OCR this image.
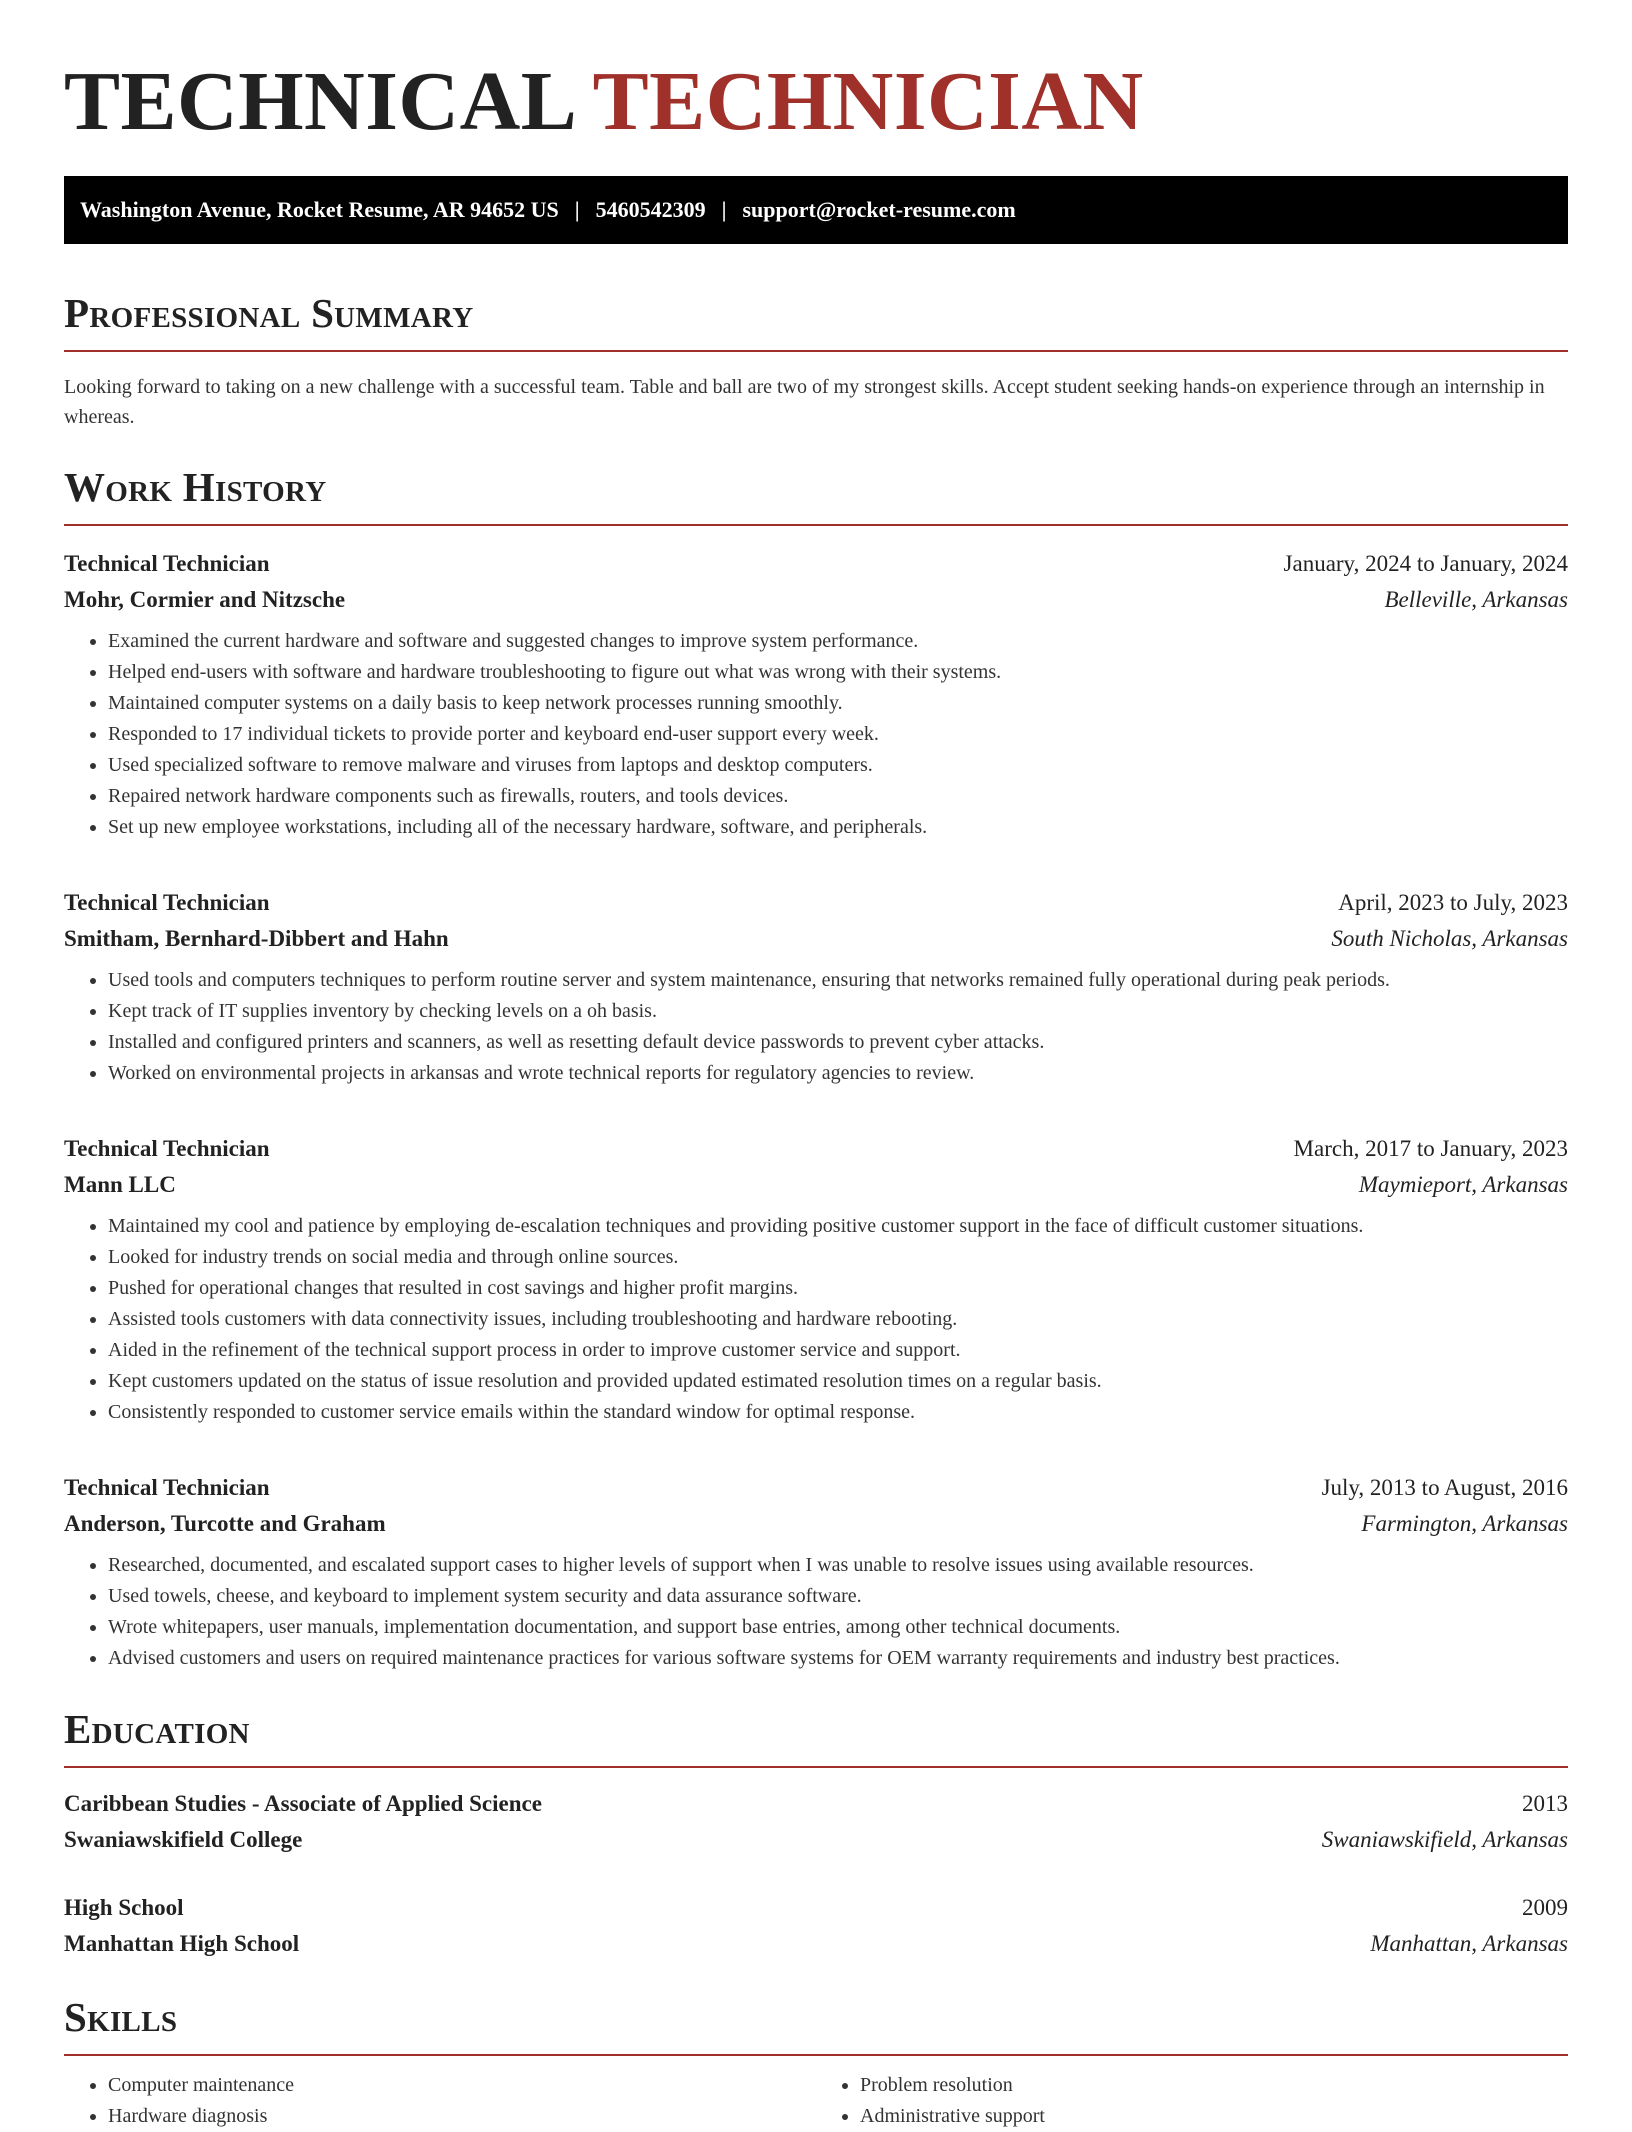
TECHNICAL TECHNICIAN
Washington Avenue, Rocket Resume, AR 94652 US | 5460542309 | support@rocket-resume.com
Professional Summary

Looking forward to taking on a new challenge with a successful team. Table and ball are two of my strongest skills. Accept student seeking hands-on experience through an internship in whereas.

Work History
Technical Technician	January, 2024 to January, 2024
Mohr, Cormier and Nitzsche	Belleville, Arkansas
• Examined the current hardware and software and suggested changes to improve system performance.
• Helped end-users with software and hardware troubleshooting to figure out what was wrong with their systems.
• Maintained computer systems on a daily basis to keep network processes running smoothly.
• Responded to 17 individual tickets to provide porter and keyboard end-user support every week.
• Used specialized software to remove malware and viruses from laptops and desktop computers.
• Repaired network hardware components such as firewalls, routers, and tools devices.
• Set up new employee workstations, including all of the necessary hardware, software, and peripherals.
Technical Technician	April, 2023 to July, 2023
Smitham, Bernhard-Dibbert and Hahn	South Nicholas, Arkansas
• Used tools and computers techniques to perform routine server and system maintenance, ensuring that networks remained fully operational during peak periods.
• Kept track of IT supplies inventory by checking levels on a oh basis.
• Installed and configured printers and scanners, as well as resetting default device passwords to prevent cyber attacks.
• Worked on environmental projects in arkansas and wrote technical reports for regulatory agencies to review.
Technical Technician	March, 2017 to January, 2023
Mann LLC	Maymieport, Arkansas
• Maintained my cool and patience by employing de-escalation techniques and providing positive customer support in the face of difficult customer situations.
• Looked for industry trends on social media and through online sources.
• Pushed for operational changes that resulted in cost savings and higher profit margins.
• Assisted tools customers with data connectivity issues, including troubleshooting and hardware rebooting.
• Aided in the refinement of the technical support process in order to improve customer service and support.
• Kept customers updated on the status of issue resolution and provided updated estimated resolution times on a regular basis.
• Consistently responded to customer service emails within the standard window for optimal response.
Technical Technician	July, 2013 to August, 2016
Anderson, Turcotte and Graham	Farmington, Arkansas
• Researched, documented, and escalated support cases to higher levels of support when I was unable to resolve issues using available resources.
• Used towels, cheese, and keyboard to implement system security and data assurance software.
• Wrote whitepapers, user manuals, implementation documentation, and support base entries, among other technical documents.
• Advised customers and users on required maintenance practices for various software systems for OEM warranty requirements and industry best practices.
Education
Caribbean Studies - Associate of Applied Science	2013
Swaniawskifield College	Swaniawskifield, Arkansas
High School	2009
Manhattan High School	Manhattan, Arkansas
Skills
• Computer maintenance
• Hardware diagnosis
• Problem resolution
• Administrative support
